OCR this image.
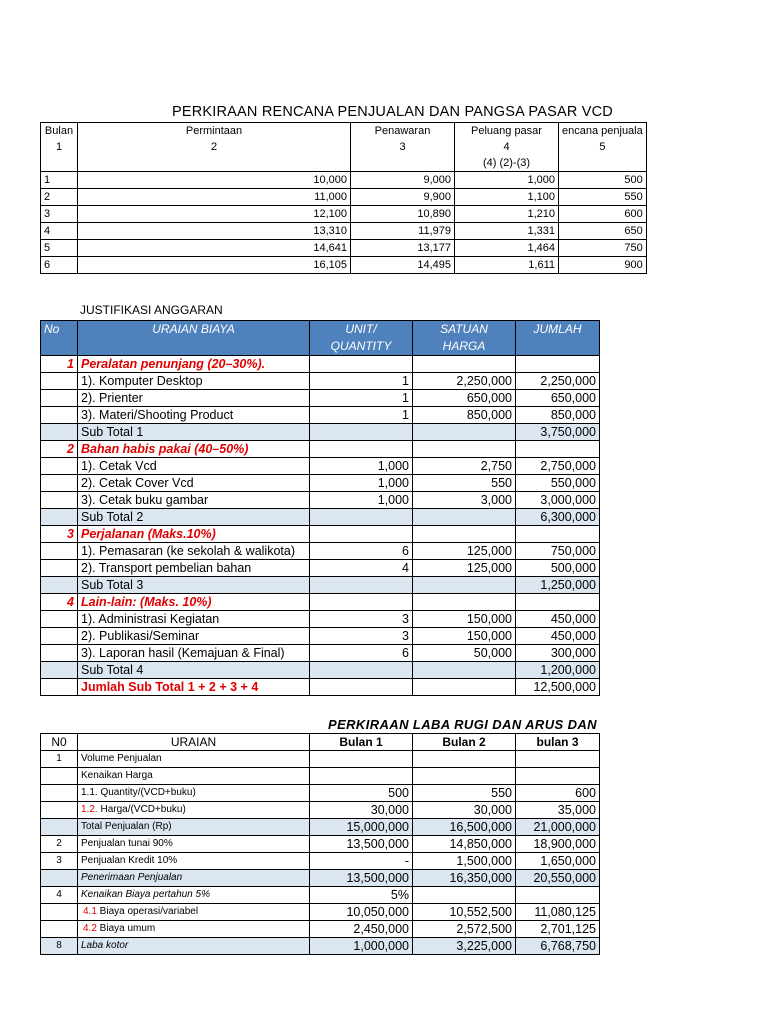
PERKIRAAN RENCANA PENJUALAN DAN PANGSA PASAR VCD
Bulan	Permintaan	Penawaran	Peluang pasar	encana penjuala
1	2	3	4	5
			(4) (2)-(3)	
1	10,000	9,000	1,000	500
2	11,000	9,900	1,100	550
3	12,100	10,890	1,210	600
4	13,310	11,979	1,331	650
5	14,641	13,177	1,464	750
6	16,105	14,495	1,611	900
JUSTIFIKASI ANGGARAN
No	URAIAN BIAYA	UNIT/	SATUAN	JUMLAH
		QUANTITY	HARGA	
1	Peralatan penunjang (20–30%).			
	1). Komputer Desktop	1	2,250,000	2,250,000
	2). Prienter	1	650,000	650,000
	3). Materi/Shooting Product	1	850,000	850,000
	Sub Total 1			3,750,000
2	Bahan habis pakai (40–50%)			
	1). Cetak Vcd	1,000	2,750	2,750,000
	2). Cetak Cover Vcd	1,000	550	550,000
	3). Cetak buku gambar	1,000	3,000	3,000,000
	Sub Total 2			6,300,000
3	Perjalanan (Maks.10%)			
	1). Pemasaran (ke sekolah & walikota)	6	125,000	750,000
	2). Transport pembelian bahan	4	125,000	500,000
	Sub Total 3			1,250,000
4	Lain-lain: (Maks. 10%)			
	1). Administrasi Kegiatan	3	150,000	450,000
	2). Publikasi/Seminar	3	150,000	450,000
	3). Laporan hasil (Kemajuan & Final)	6	50,000	300,000
	Sub Total 4			1,200,000
	Jumlah Sub Total 1 + 2 + 3 + 4			12,500,000
PERKIRAAN LABA RUGI DAN ARUS DAN
N0	URAIAN	Bulan 1	Bulan 2	bulan 3
1	Volume Penjualan			
	Kenaikan Harga			
	1.1. Quantity/(VCD+buku)	500	550	600
	1.2. Harga/(VCD+buku)	30,000	30,000	35,000
	Total Penjualan (Rp)	15,000,000	16,500,000	21,000,000
2	Penjualan tunai 90%	13,500,000	14,850,000	18,900,000
3	Penjualan Kredit 10%	-	1,500,000	1,650,000
	Penerimaan Penjualan	13,500,000	16,350,000	20,550,000
4	Kenaikan Biaya pertahun 5%	5%		
	4.1 Biaya operasi/variabel	10,050,000	10,552,500	11,080,125
	4.2 Biaya umum	2,450,000	2,572,500	2,701,125
8	Laba kotor	1,000,000	3,225,000	6,768,750
